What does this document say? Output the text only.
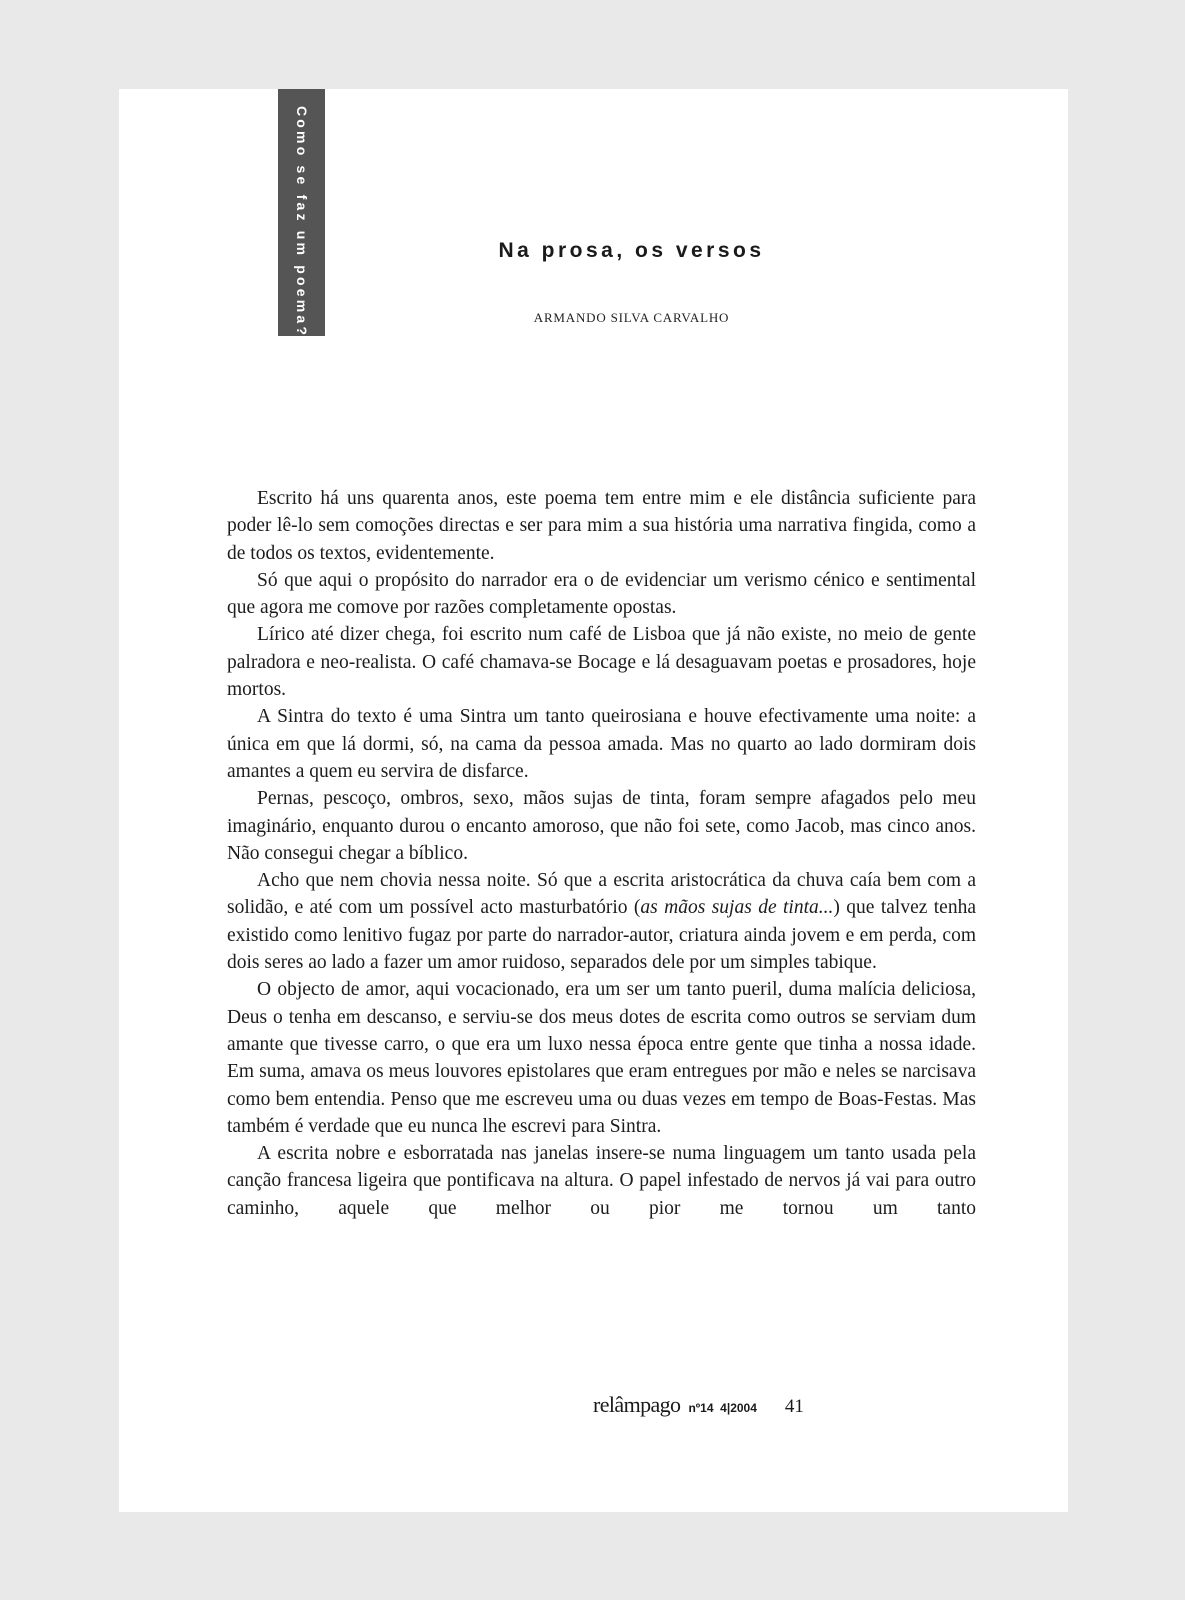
Como se faz um poema?	Na prosa, os versos
ARMANDO SILVA CARVALHO

Escrito há uns quarenta anos, este poema tem entre mim e ele distância suficiente para poder lê-lo sem comoções directas e ser para mim a sua história uma narrativa fingida, como a de todos os textos, evidentemente.

Só que aqui o propósito do narrador era o de evidenciar um verismo cénico e sentimental que agora me comove por razões completamente opostas.

Lírico até dizer chega, foi escrito num café de Lisboa que já não existe, no meio de gente palradora e neo-realista. O café chamava-se Bocage e lá desaguavam poetas e prosadores, hoje mortos.

A Sintra do texto é uma Sintra um tanto queirosiana e houve efectivamente uma noite: a única em que lá dormi, só, na cama da pessoa amada. Mas no quarto ao lado dormiram dois amantes a quem eu servira de disfarce.

Pernas, pescoço, ombros, sexo, mãos sujas de tinta, foram sempre afagados pelo meu imaginário, enquanto durou o encanto amoroso, que não foi sete, como Jacob, mas cinco anos. Não consegui chegar a bíblico.

Acho que nem chovia nessa noite. Só que a escrita aristocrática da chuva caía bem com a solidão, e até com um possível acto masturbatório (as mãos sujas de tinta...) que talvez tenha existido como lenitivo fugaz por parte do narrador-autor, criatura ainda jovem e em perda, com dois seres ao lado a fazer um amor ruidoso, separados dele por um simples tabique.

O objecto de amor, aqui vocacionado, era um ser um tanto pueril, duma malícia deliciosa, Deus o tenha em descanso, e serviu-se dos meus dotes de escrita como outros se serviam dum amante que tivesse carro, o que era um luxo nessa época entre gente que tinha a nossa idade. Em suma, amava os meus louvores epistolares que eram entregues por mão e neles se narcisava como bem entendia. Penso que me escreveu uma ou duas vezes em tempo de Boas-Festas. Mas também é verdade que eu nunca lhe escrevi para Sintra.

A escrita nobre e esborratada nas janelas insere-se numa linguagem um tanto usada pela canção francesa ligeira que pontificava na altura. O papel infestado de nervos já vai para outro caminho, aquele que melhor ou pior me tornou um tanto

relâmpago nº14  4|2004 41
